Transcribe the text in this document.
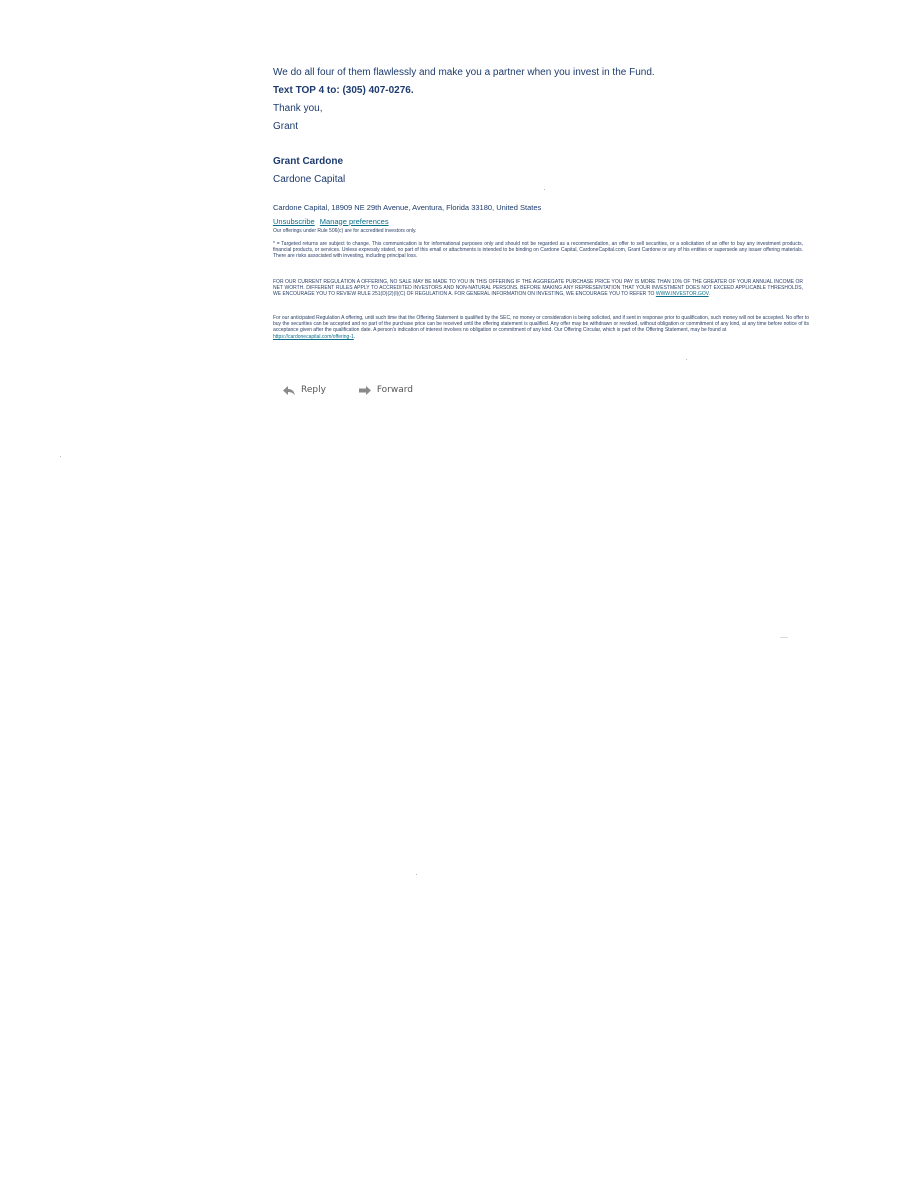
We do all four of them flawlessly and make you a partner when you invest in the Fund.

Text TOP 4 to: (305) 407-0276.

Thank you,

Grant

Grant Cardone

Cardone Capital

Cardone Capital, 18909 NE 29th Avenue, Aventura, Florida 33180, United States

Unsubscribe Manage preferences

Our offerings under Rule 506(c) are for accredited investors only.

* = Targeted returns are subject to change. This communication is for informational purposes only and should not be regarded as a recommendation, an offer to sell securities, or a solicitation of an offer to buy any investment products, financial products, or services. Unless expressly stated, no part of this email or attachments is intended to be binding on Cardone Capital, CardoneCapital.com, Grant Cardone or any of his entities or supersede any issuer offering materials. There are risks associated with investing, including principal loss.

FOR OUR CURRENT REGULATION A OFFERING, NO SALE MAY BE MADE TO YOU IN THIS OFFERING IF THE AGGREGATE PURCHASE PRICE YOU PAY IS MORE THAN 10% OF THE GREATER OF YOUR ANNUAL INCOME OR NET WORTH. DIFFERENT RULES APPLY TO ACCREDITED INVESTORS AND NON-NATURAL PERSONS. BEFORE MAKING ANY REPRESENTATION THAT YOUR INVESTMENT DOES NOT EXCEED APPLICABLE THRESHOLDS, WE ENCOURAGE YOU TO REVIEW RULE 251(D)(2)(I)(C) OF REGULATION A. FOR GENERAL INFORMATION ON INVESTING, WE ENCOURAGE YOU TO REFER TO WWW.INVESTOR.GOV.

For our anticipated Regulation A offering, until such time that the Offering Statement is qualified by the SEC, no money or consideration is being solicited, and if sent in response prior to qualification, such money will not be accepted. No offer to buy the securities can be accepted and no part of the purchase price can be received until the offering statement is qualified. Any offer may be withdrawn or revoked, without obligation or commitment of any kind, at any time before notice of its acceptance given after the qualification date. A person's indication of interest involves no obligation or commitment of any kind. Our Offering Circular, which is part of the Offering Statement, may be found at
https://cardonecapital.com/offering-1.

Reply
	Forward
